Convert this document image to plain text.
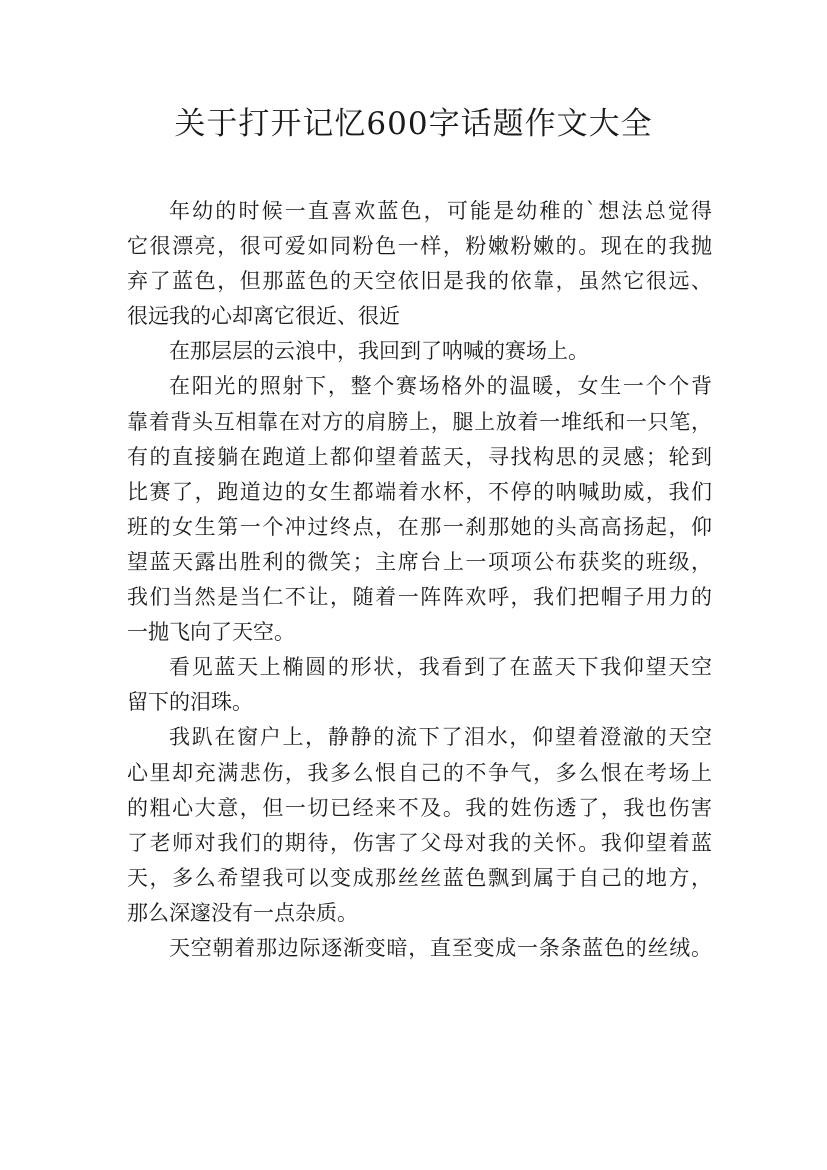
关于打开记忆600字话题作文大全
年幼的时候一直喜欢蓝色，可能是幼稚的`想法总觉得
它很漂亮，很可爱如同粉色一样，粉嫩粉嫩的。现在的我抛
弃了蓝色，但那蓝色的天空依旧是我的依靠，虽然它很远、
很远我的心却离它很近、很近
在那层层的云浪中，我回到了呐喊的赛场上。
在阳光的照射下，整个赛场格外的温暖，女生一个个背
靠着背头互相靠在对方的肩膀上，腿上放着一堆纸和一只笔，
有的直接躺在跑道上都仰望着蓝天，寻找构思的灵感；轮到
比赛了，跑道边的女生都端着水杯，不停的呐喊助威，我们
班的女生第一个冲过终点，在那一刹那她的头高高扬起，仰
望蓝天露出胜利的微笑；主席台上一项项公布获奖的班级，
我们当然是当仁不让，随着一阵阵欢呼，我们把帽子用力的
一抛飞向了天空。
看见蓝天上椭圆的形状，我看到了在蓝天下我仰望天空
留下的泪珠。
我趴在窗户上，静静的流下了泪水，仰望着澄澈的天空
心里却充满悲伤，我多么恨自己的不争气，多么恨在考场上
的粗心大意，但一切已经来不及。我的姓伤透了，我也伤害
了老师对我们的期待，伤害了父母对我的关怀。我仰望着蓝
天，多么希望我可以变成那丝丝蓝色飘到属于自己的地方，
那么深邃没有一点杂质。
天空朝着那边际逐渐变暗，直至变成一条条蓝色的丝绒。
